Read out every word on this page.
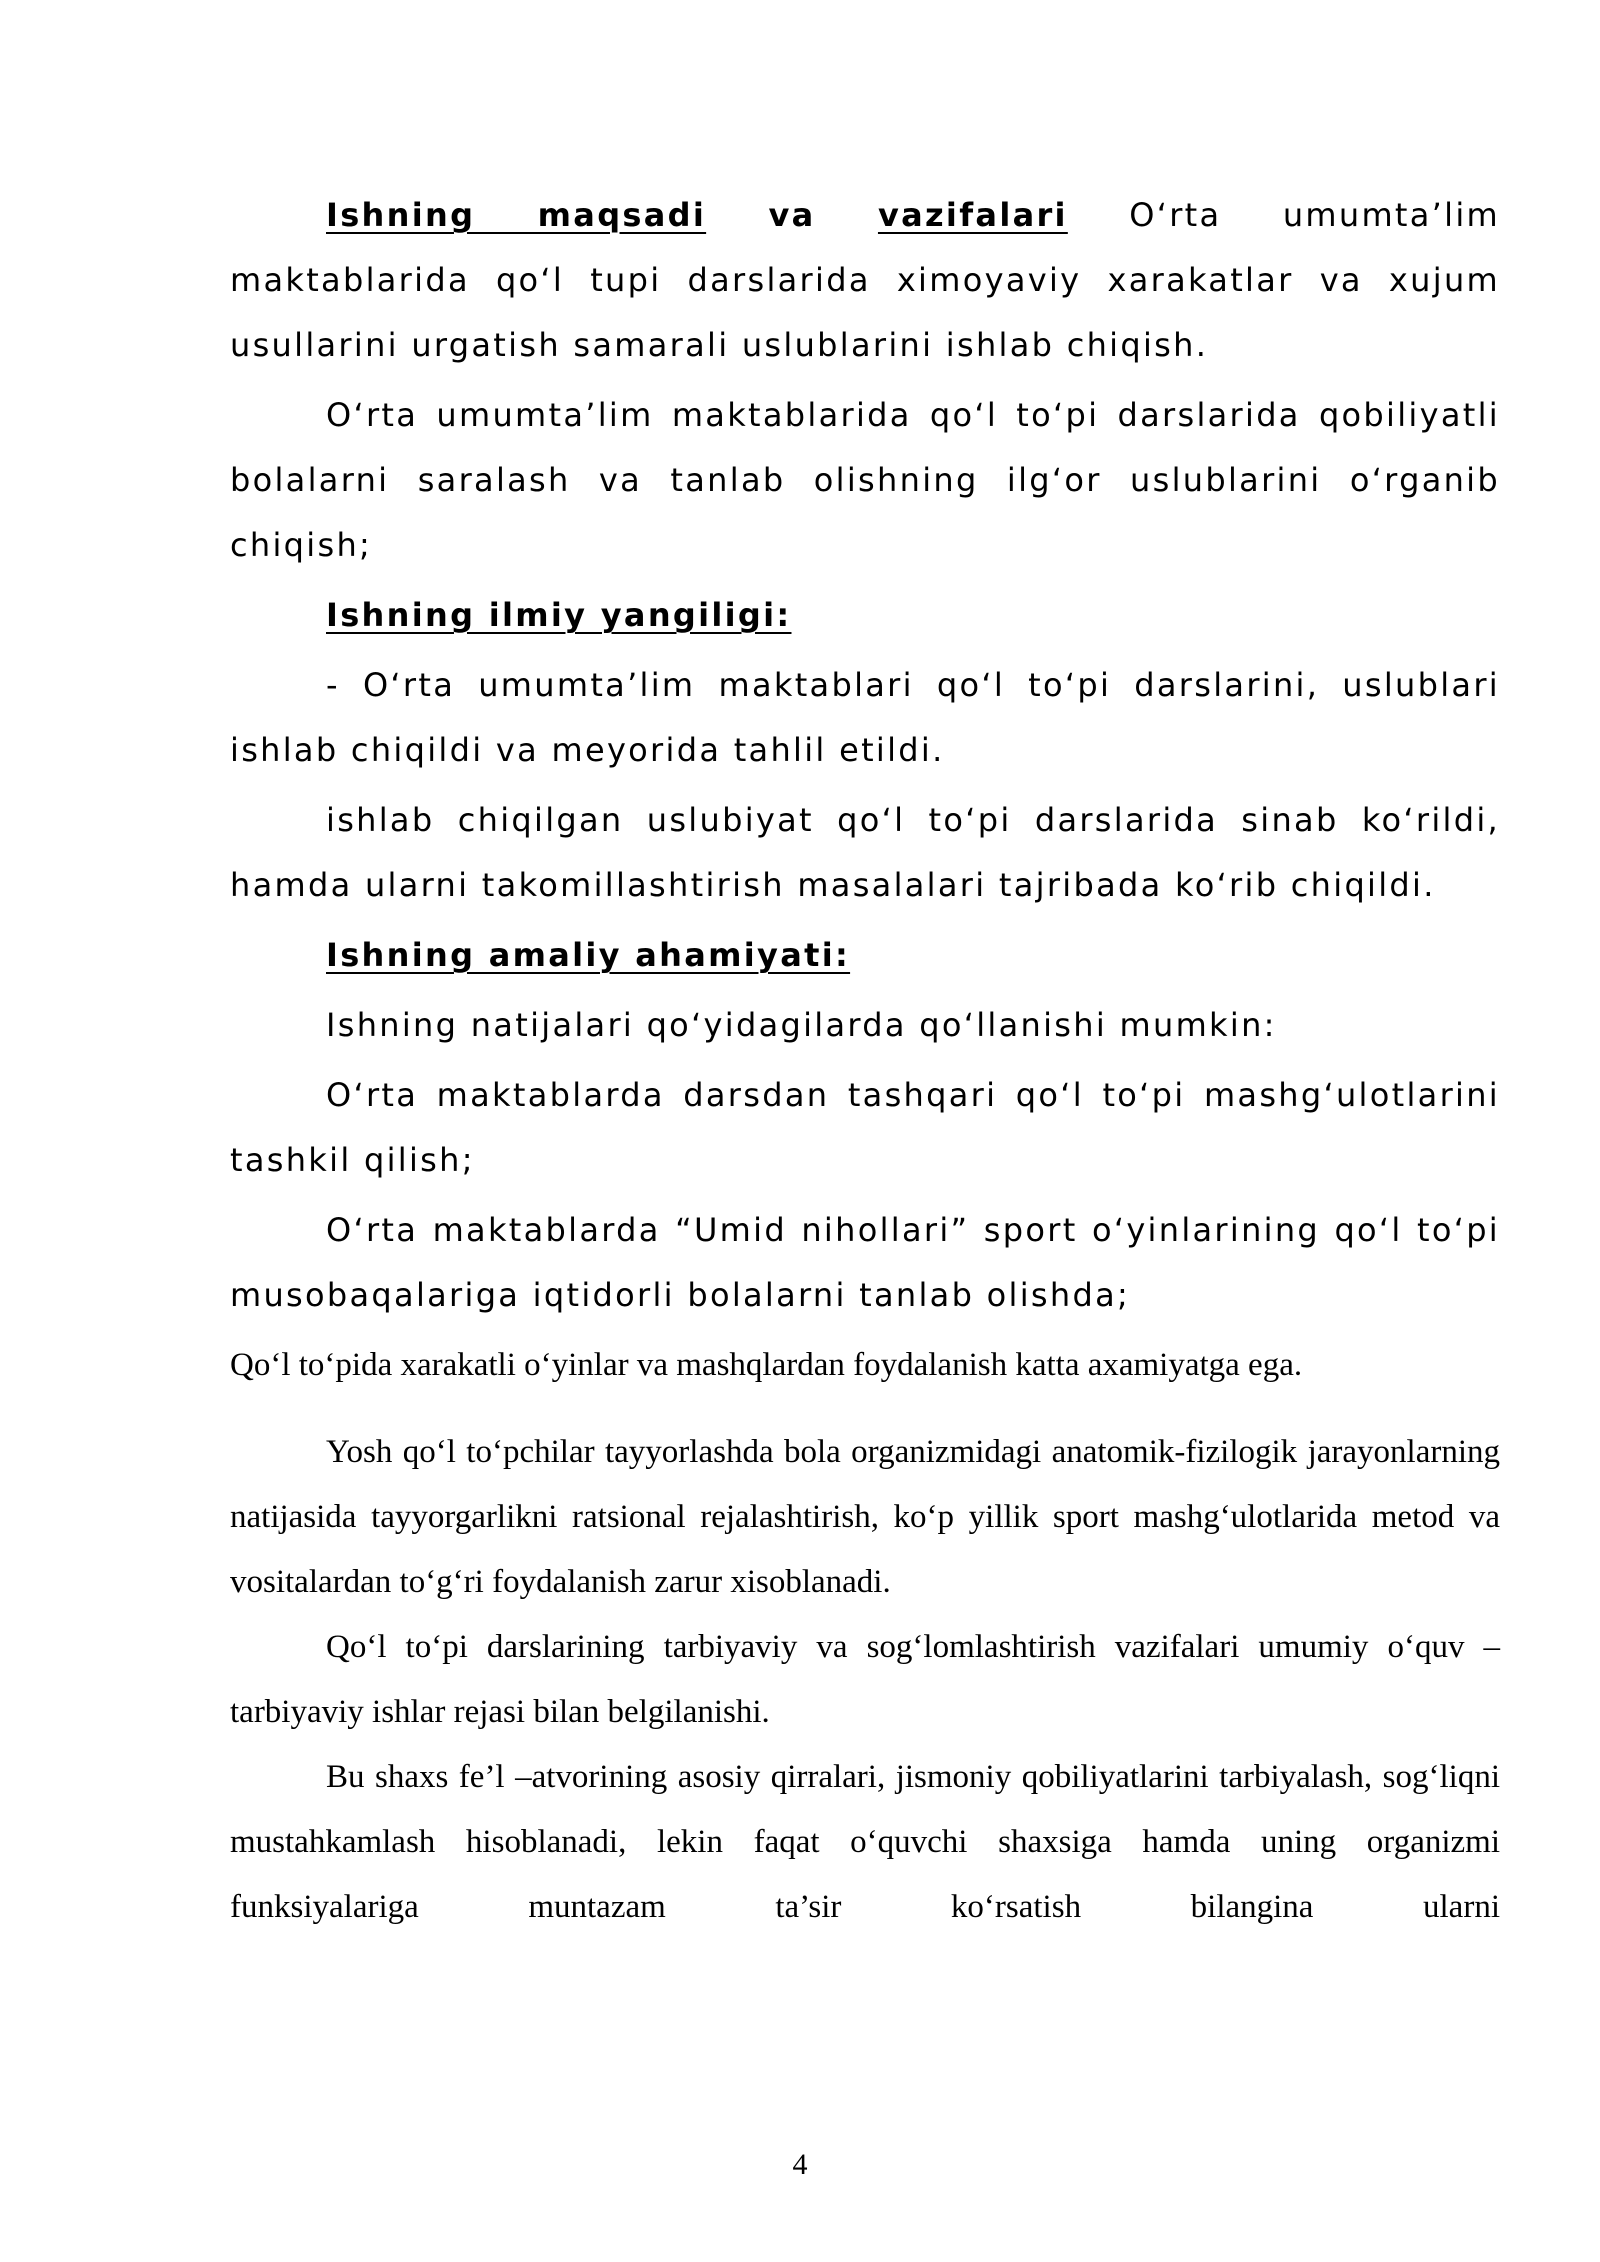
Ishning maqsadi va vazifalari O‘rta umumta’lim maktablarida qo‘l tupi darslarida ximoyaviy xarakatlar va xujum usullarini urgatish samarali uslublarini ishlab chiqish.

O‘rta umumta’lim maktablarida qo‘l to‘pi darslarida qobiliyatli bolalarni saralash va tanlab olishning ilg‘or uslublarini o‘rganib chiqish;

Ishning ilmiy yangiligi:

- O‘rta umumta’lim maktablari qo‘l to‘pi darslarini, uslublari ishlab chiqildi va meyorida tahlil etildi.

ishlab chiqilgan uslubiyat qo‘l to‘pi darslarida sinab ko‘rildi, hamda ularni takomillashtirish masalalari tajribada ko‘rib chiqildi.

Ishning amaliy ahamiyati:

Ishning natijalari qo‘yidagilarda qo‘llanishi mumkin:

O‘rta maktablarda darsdan tashqari qo‘l to‘pi mashg‘ulotlarini tashkil qilish;

O‘rta maktablarda “Umid nihollari” sport o‘yinlarining qo‘l to‘pi musobaqalariga iqtidorli bolalarni tanlab olishda;

Qo‘l to‘pida xarakatli o‘yinlar va mashqlardan foydalanish katta axamiyatga ega.

Yosh qo‘l to‘pchilar tayyorlashda bola organizmidagi anatomik-fizilogik jarayonlarning natijasida tayyorgarlikni ratsional rejalashtirish, ko‘p yillik sport mashg‘ulotlarida metod va vositalardan to‘g‘ri foydalanish zarur xisoblanadi.

Qo‘l to‘pi darslarining tarbiyaviy va sog‘lomlashtirish vazifalari umumiy o‘quv –tarbiyaviy ishlar rejasi bilan belgilanishi.

Bu shaxs fe’l –atvorining asosiy qirralari, jismoniy qobiliyatlarini tarbiyalash, sog‘liqni mustahkamlash hisoblanadi, lekin faqat o‘quvchi shaxsiga hamda uning organizmi funksiyalariga muntazam ta’sir ko‘rsatish bilangina ularni

4
